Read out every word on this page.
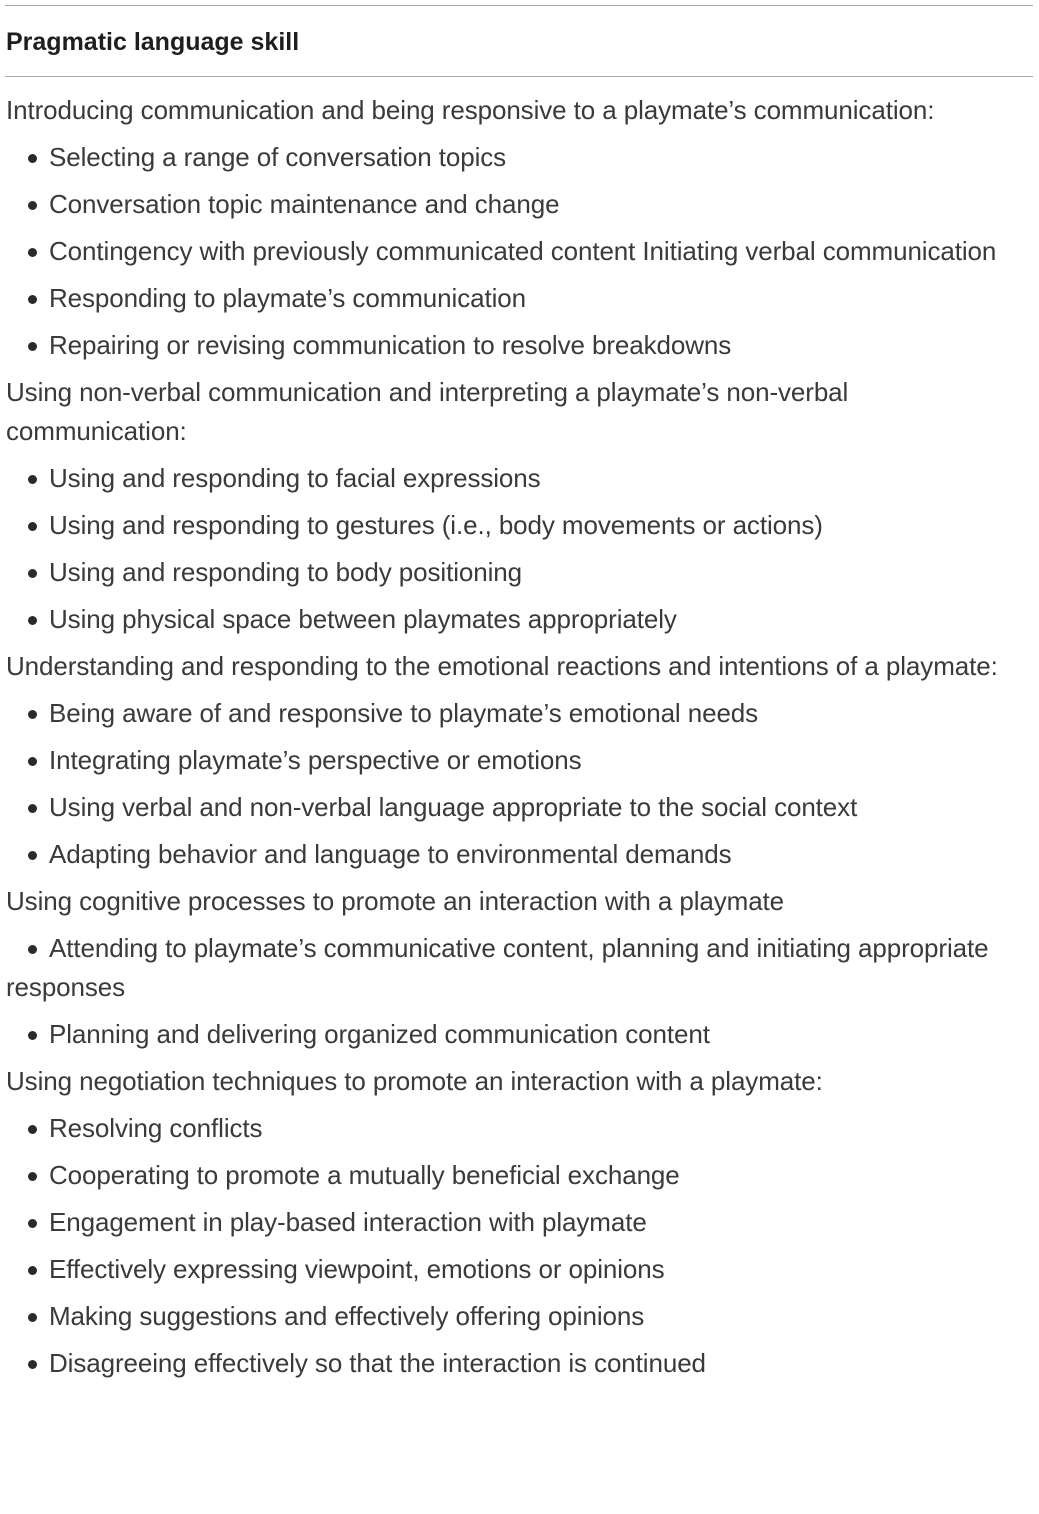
Pragmatic language skill
Introducing communication and being responsive to a playmate’s communication:
Selecting a range of conversation topics
Conversation topic maintenance and change
Contingency with previously communicated content Initiating verbal communication
Responding to playmate’s communication
Repairing or revising communication to resolve breakdowns
Using non-verbal communication and interpreting a playmate’s non-verbal communication:
Using and responding to facial expressions
Using and responding to gestures (i.e., body movements or actions)
Using and responding to body positioning
Using physical space between playmates appropriately
Understanding and responding to the emotional reactions and intentions of a playmate:
Being aware of and responsive to playmate’s emotional needs
Integrating playmate’s perspective or emotions
Using verbal and non-verbal language appropriate to the social context
Adapting behavior and language to environmental demands
Using cognitive processes to promote an interaction with a playmate
Attending to playmate’s communicative content, planning and initiating appropriate responses
Planning and delivering organized communication content
Using negotiation techniques to promote an interaction with a playmate:
Resolving conflicts
Cooperating to promote a mutually beneficial exchange
Engagement in play-based interaction with playmate
Effectively expressing viewpoint, emotions or opinions
Making suggestions and effectively offering opinions
Disagreeing effectively so that the interaction is continued
